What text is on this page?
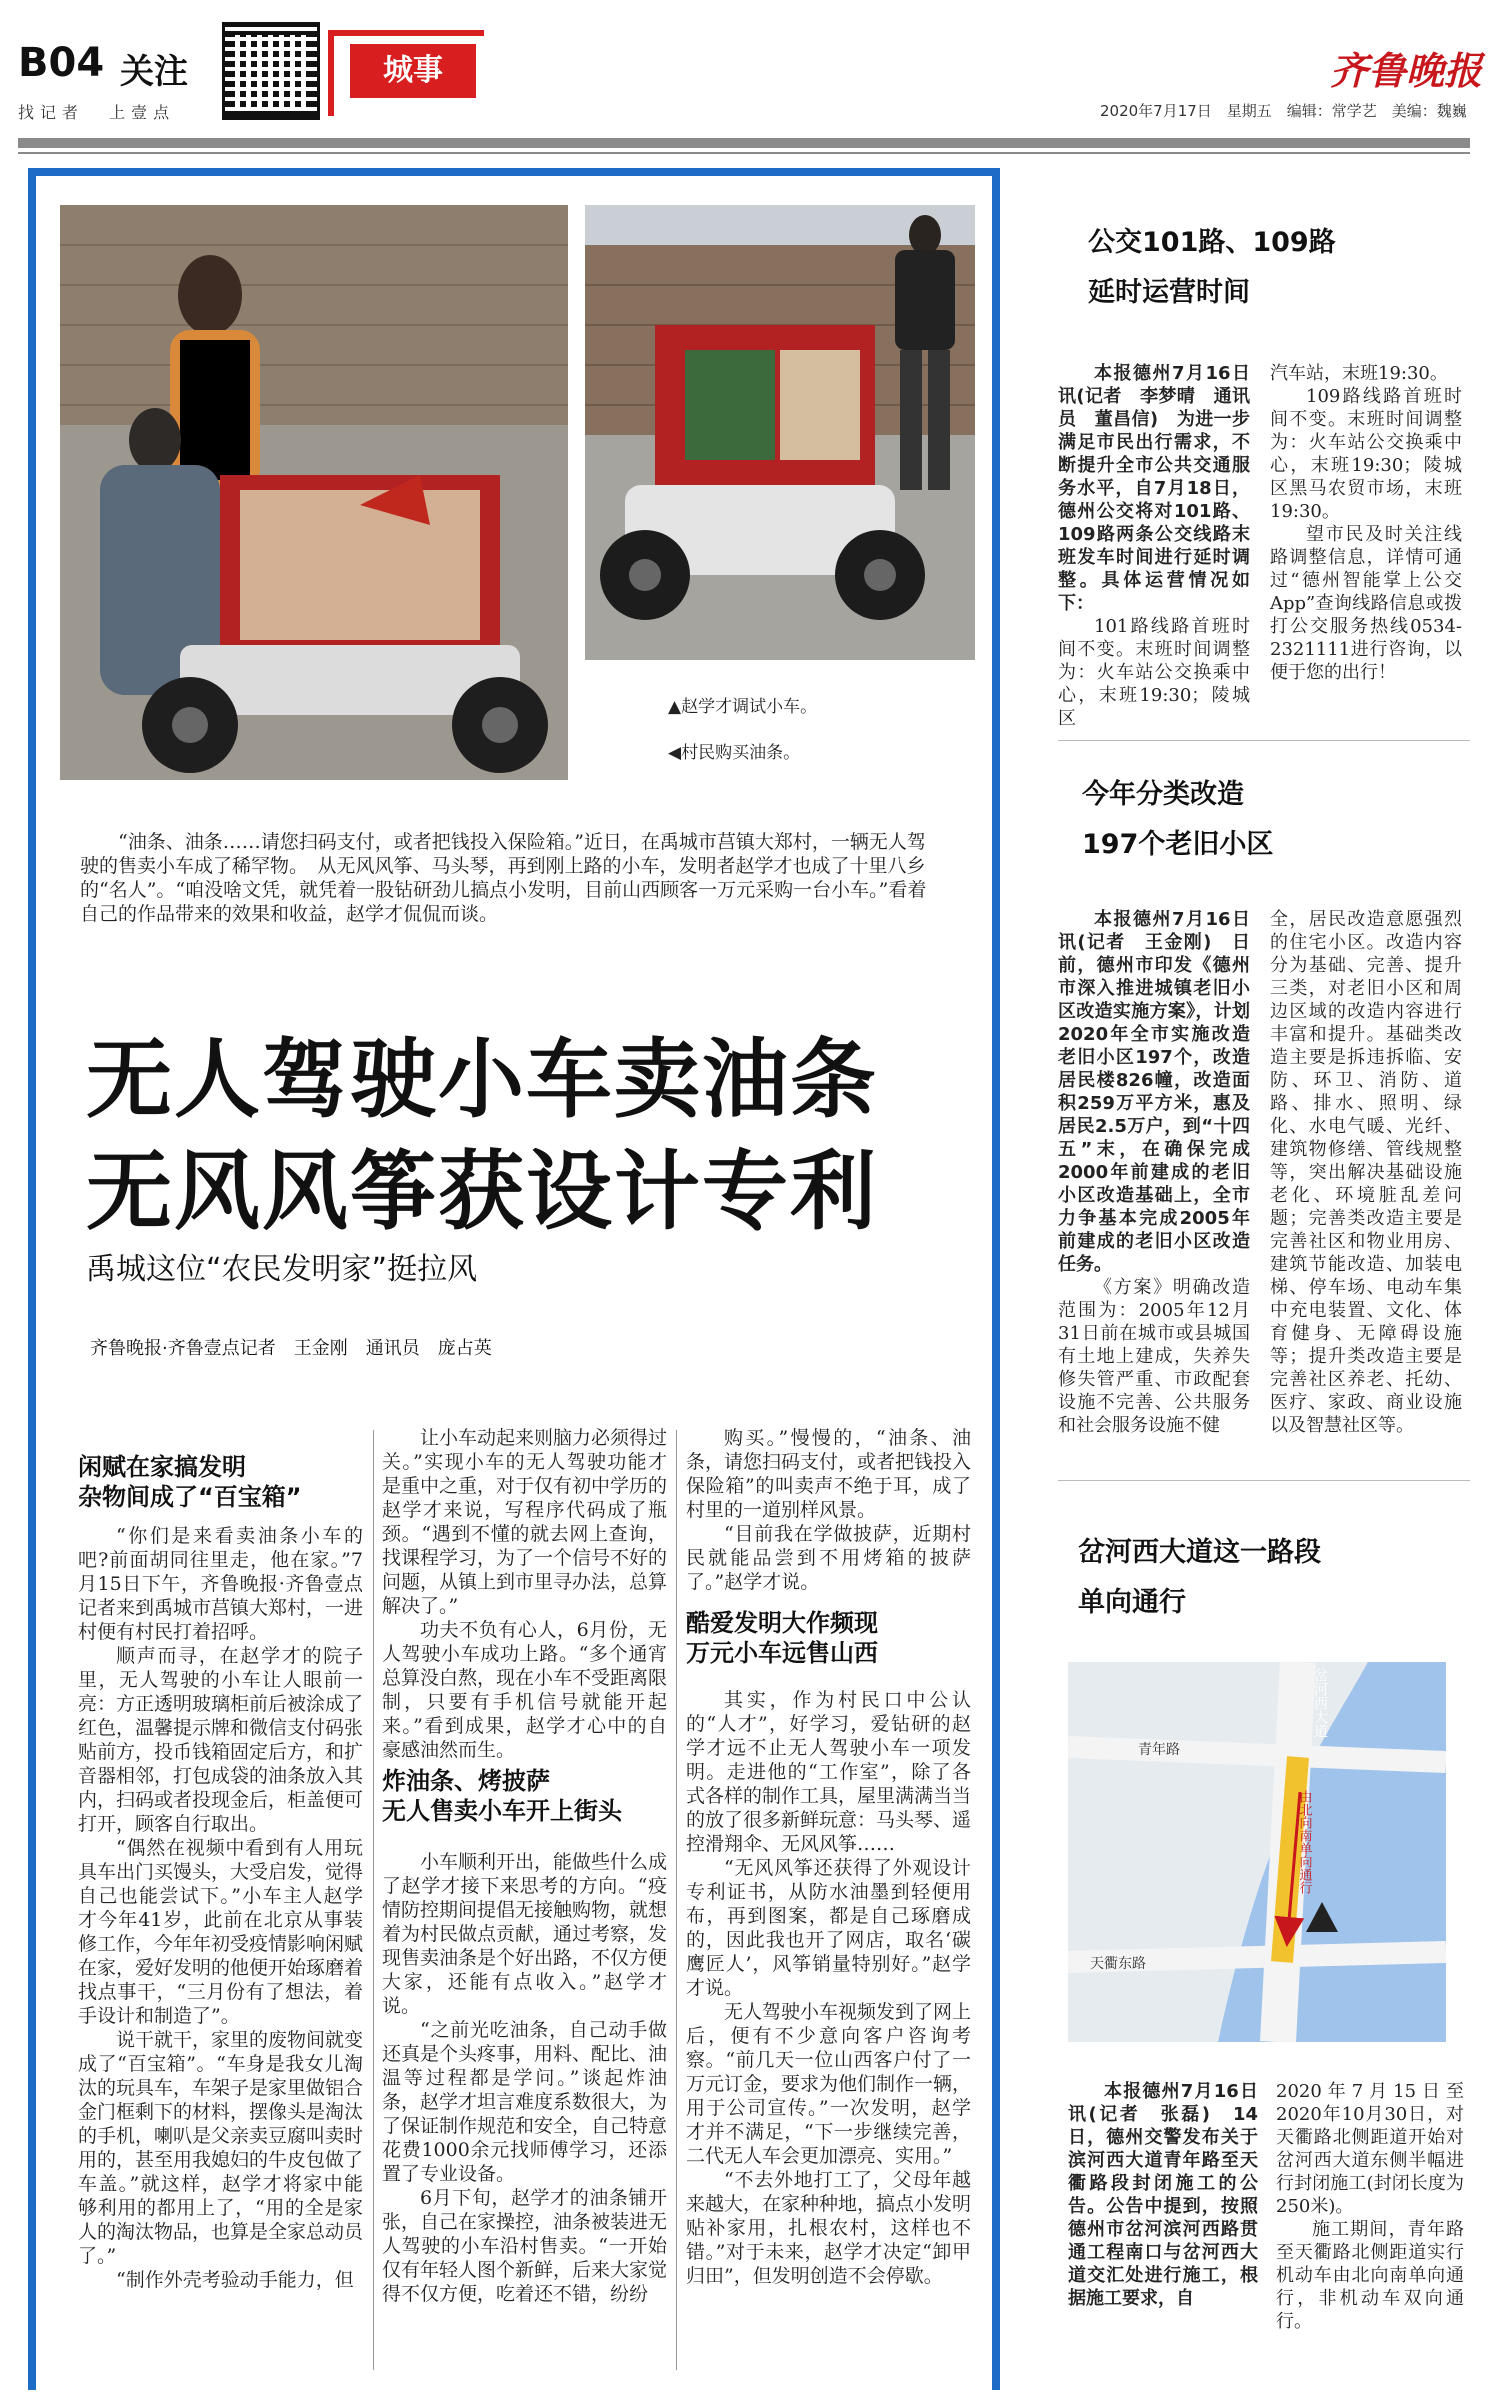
B04 关注
找记者 上壹点
城事	齐鲁晚报
2020年7月17日　星期五　编辑：常学艺　美编：魏巍
▲赵学才调试小车。
◀村民购买油条。
“油条、油条……请您扫码支付，或者把钱投入保险箱。”近日，在禹城市莒镇大郑村，一辆无人驾驶的售卖小车成了稀罕物。　从无风风筝、马头琴，再到刚上路的小车，发明者赵学才也成了十里八乡的“名人”。“咱没啥文凭，就凭着一股钻研劲儿搞点小发明，目前山西顾客一万元采购一台小车。”看着自己的作品带来的效果和收益，赵学才侃侃而谈。
无人驾驶小车卖油条
无风风筝获设计专利
禹城这位“农民发明家”挺拉风
齐鲁晚报·齐鲁壹点记者　王金刚　通讯员　庞占英
闲赋在家搞发明
杂物间成了“百宝箱”

“你们是来看卖油条小车的吧?前面胡同往里走，他在家。”7月15日下午，齐鲁晚报·齐鲁壹点记者来到禹城市莒镇大郑村，一进村便有村民打着招呼。

顺声而寻，在赵学才的院子里，无人驾驶的小车让人眼前一亮：方正透明玻璃柜前后被涂成了红色，温馨提示牌和微信支付码张贴前方，投币钱箱固定后方，和扩音器相邻，打包成袋的油条放入其内，扫码或者投现金后，柜盖便可打开，顾客自行取出。

“偶然在视频中看到有人用玩具车出门买馒头，大受启发，觉得自己也能尝试下。”小车主人赵学才今年41岁，此前在北京从事装修工作，今年年初受疫情影响闲赋在家，爱好发明的他便开始琢磨着找点事干，“三月份有了想法，着手设计和制造了”。

说干就干，家里的废物间就变成了“百宝箱”。“车身是我女儿淘汰的玩具车，车架子是家里做铝合金门框剩下的材料，摆像头是淘汰的手机，喇叭是父亲卖豆腐叫卖时用的，甚至用我媳妇的牛皮包做了车盖。”就这样，赵学才将家中能够利用的都用上了，“用的全是家人的淘汰物品，也算是全家总动员了。”

“制作外壳考验动手能力，但

让小车动起来则脑力必须得过关。”实现小车的无人驾驶功能才是重中之重，对于仅有初中学历的赵学才来说，写程序代码成了瓶颈。“遇到不懂的就去网上查询，找课程学习，为了一个信号不好的问题，从镇上到市里寻办法，总算解决了。”

功夫不负有心人，6月份，无人驾驶小车成功上路。“多个通宵总算没白熬，现在小车不受距离限制，只要有手机信号就能开起来。”看到成果，赵学才心中的自豪感油然而生。

炸油条、烤披萨
无人售卖小车开上街头

小车顺利开出，能做些什么成了赵学才接下来思考的方向。“疫情防控期间提倡无接触购物，就想着为村民做点贡献，通过考察，发现售卖油条是个好出路，不仅方便大家，还能有点收入。”赵学才说。

“之前光吃油条，自己动手做还真是个头疼事，用料、配比、油温等过程都是学问。”谈起炸油条，赵学才坦言难度系数很大，为了保证制作规范和安全，自己特意花费1000余元找师傅学习，还添置了专业设备。

6月下旬，赵学才的油条铺开张，自己在家操控，油条被装进无人驾驶的小车沿村售卖。“一开始仅有年轻人图个新鲜，后来大家觉得不仅方便，吃着还不错，纷纷

购买。”慢慢的，“油条、油条，请您扫码支付，或者把钱投入保险箱”的叫卖声不绝于耳，成了村里的一道别样风景。

“目前我在学做披萨，近期村民就能品尝到不用烤箱的披萨了。”赵学才说。

酷爱发明大作频现
万元小车远售山西

其实，作为村民口中公认的“人才”，好学习，爱钻研的赵学才远不止无人驾驶小车一项发明。走进他的“工作室”，除了各式各样的制作工具，屋里满满当当的放了很多新鲜玩意：马头琴、遥控滑翔伞、无风风筝……

“无风风筝还获得了外观设计专利证书，从防水油墨到轻便用布，再到图案，都是自己琢磨成的，因此我也开了网店，取名‘碳鹰匠人’，风筝销量特别好。”赵学才说。

无人驾驶小车视频发到了网上后，便有不少意向客户咨询考察。“前几天一位山西客户付了一万元订金，要求为他们制作一辆，用于公司宣传。”一次发明，赵学才并不满足，“下一步继续完善，二代无人车会更加漂亮、实用。”

“不去外地打工了，父母年越来越大，在家种种地，搞点小发明贴补家用，扎根农村，这样也不错。”对于未来，赵学才决定“卸甲归田”，但发明创造不会停歇。

公交101路、109路
延时运营时间

本报德州7月16日讯(记者　李梦晴　通讯员　董昌信)　为进一步满足市民出行需求，不断提升全市公共交通服务水平，自7月18日，德州公交将对101路、109路两条公交线路末班发车时间进行延时调整。具体运营情况如下：

101路线路首班时间不变。末班时间调整为：火车站公交换乘中心，末班19:30；陵城区

汽车站，末班19:30。

109路线路首班时间不变。末班时间调整为：火车站公交换乘中心，末班19:30；陵城区黑马农贸市场，末班19:30。

望市民及时关注线路调整信息，详情可通过“德州智能掌上公交App”查询线路信息或拨打公交服务热线0534-2321111进行咨询，以便于您的出行！

今年分类改造
197个老旧小区

本报德州7月16日讯(记者　王金刚)　日前，德州市印发《德州市深入推进城镇老旧小区改造实施方案》，计划2020年全市实施改造老旧小区197个，改造居民楼826幢，改造面积259万平方米，惠及居民2.5万户，到“十四五”末，在确保完成2000年前建成的老旧小区改造基础上，全市力争基本完成2005年前建成的老旧小区改造任务。

《方案》明确改造范围为：2005年12月31日前在城市或县城国有土地上建成，失养失修失管严重、市政配套设施不完善、公共服务和社会服务设施不健

全，居民改造意愿强烈的住宅小区。改造内容分为基础、完善、提升三类，对老旧小区和周边区域的改造内容进行丰富和提升。基础类改造主要是拆违拆临、安防、环卫、消防、道路、排水、照明、绿化、水电气暖、光纤、建筑物修缮、管线规整等，突出解决基础设施老化、环境脏乱差问题；完善类改造主要是完善社区和物业用房、建筑节能改造、加装电梯、停车场、电动车集中充电装置、文化、体育健身、无障碍设施等；提升类改造主要是完善社区养老、托幼、医疗、家政、商业设施以及智慧社区等。

岔河西大道这一路段
单向通行
岔河西大道
青年路
天衢东路
由北向南单向通行

本报德州7月16日讯(记者　张磊)　14日，德州交警发布关于滨河西大道青年路至天衢路段封闭施工的公告。公告中提到，按照德州市岔河滨河西路贯通工程南口与岔河西大道交汇处进行施工，根据施工要求，自

2020年7月15日至2020年10月30日，对天衢路北侧距道开始对岔河西大道东侧半幅进行封闭施工(封闭长度为250米)。

施工期间，青年路至天衢路北侧距道实行机动车由北向南单向通行，非机动车双向通行。
